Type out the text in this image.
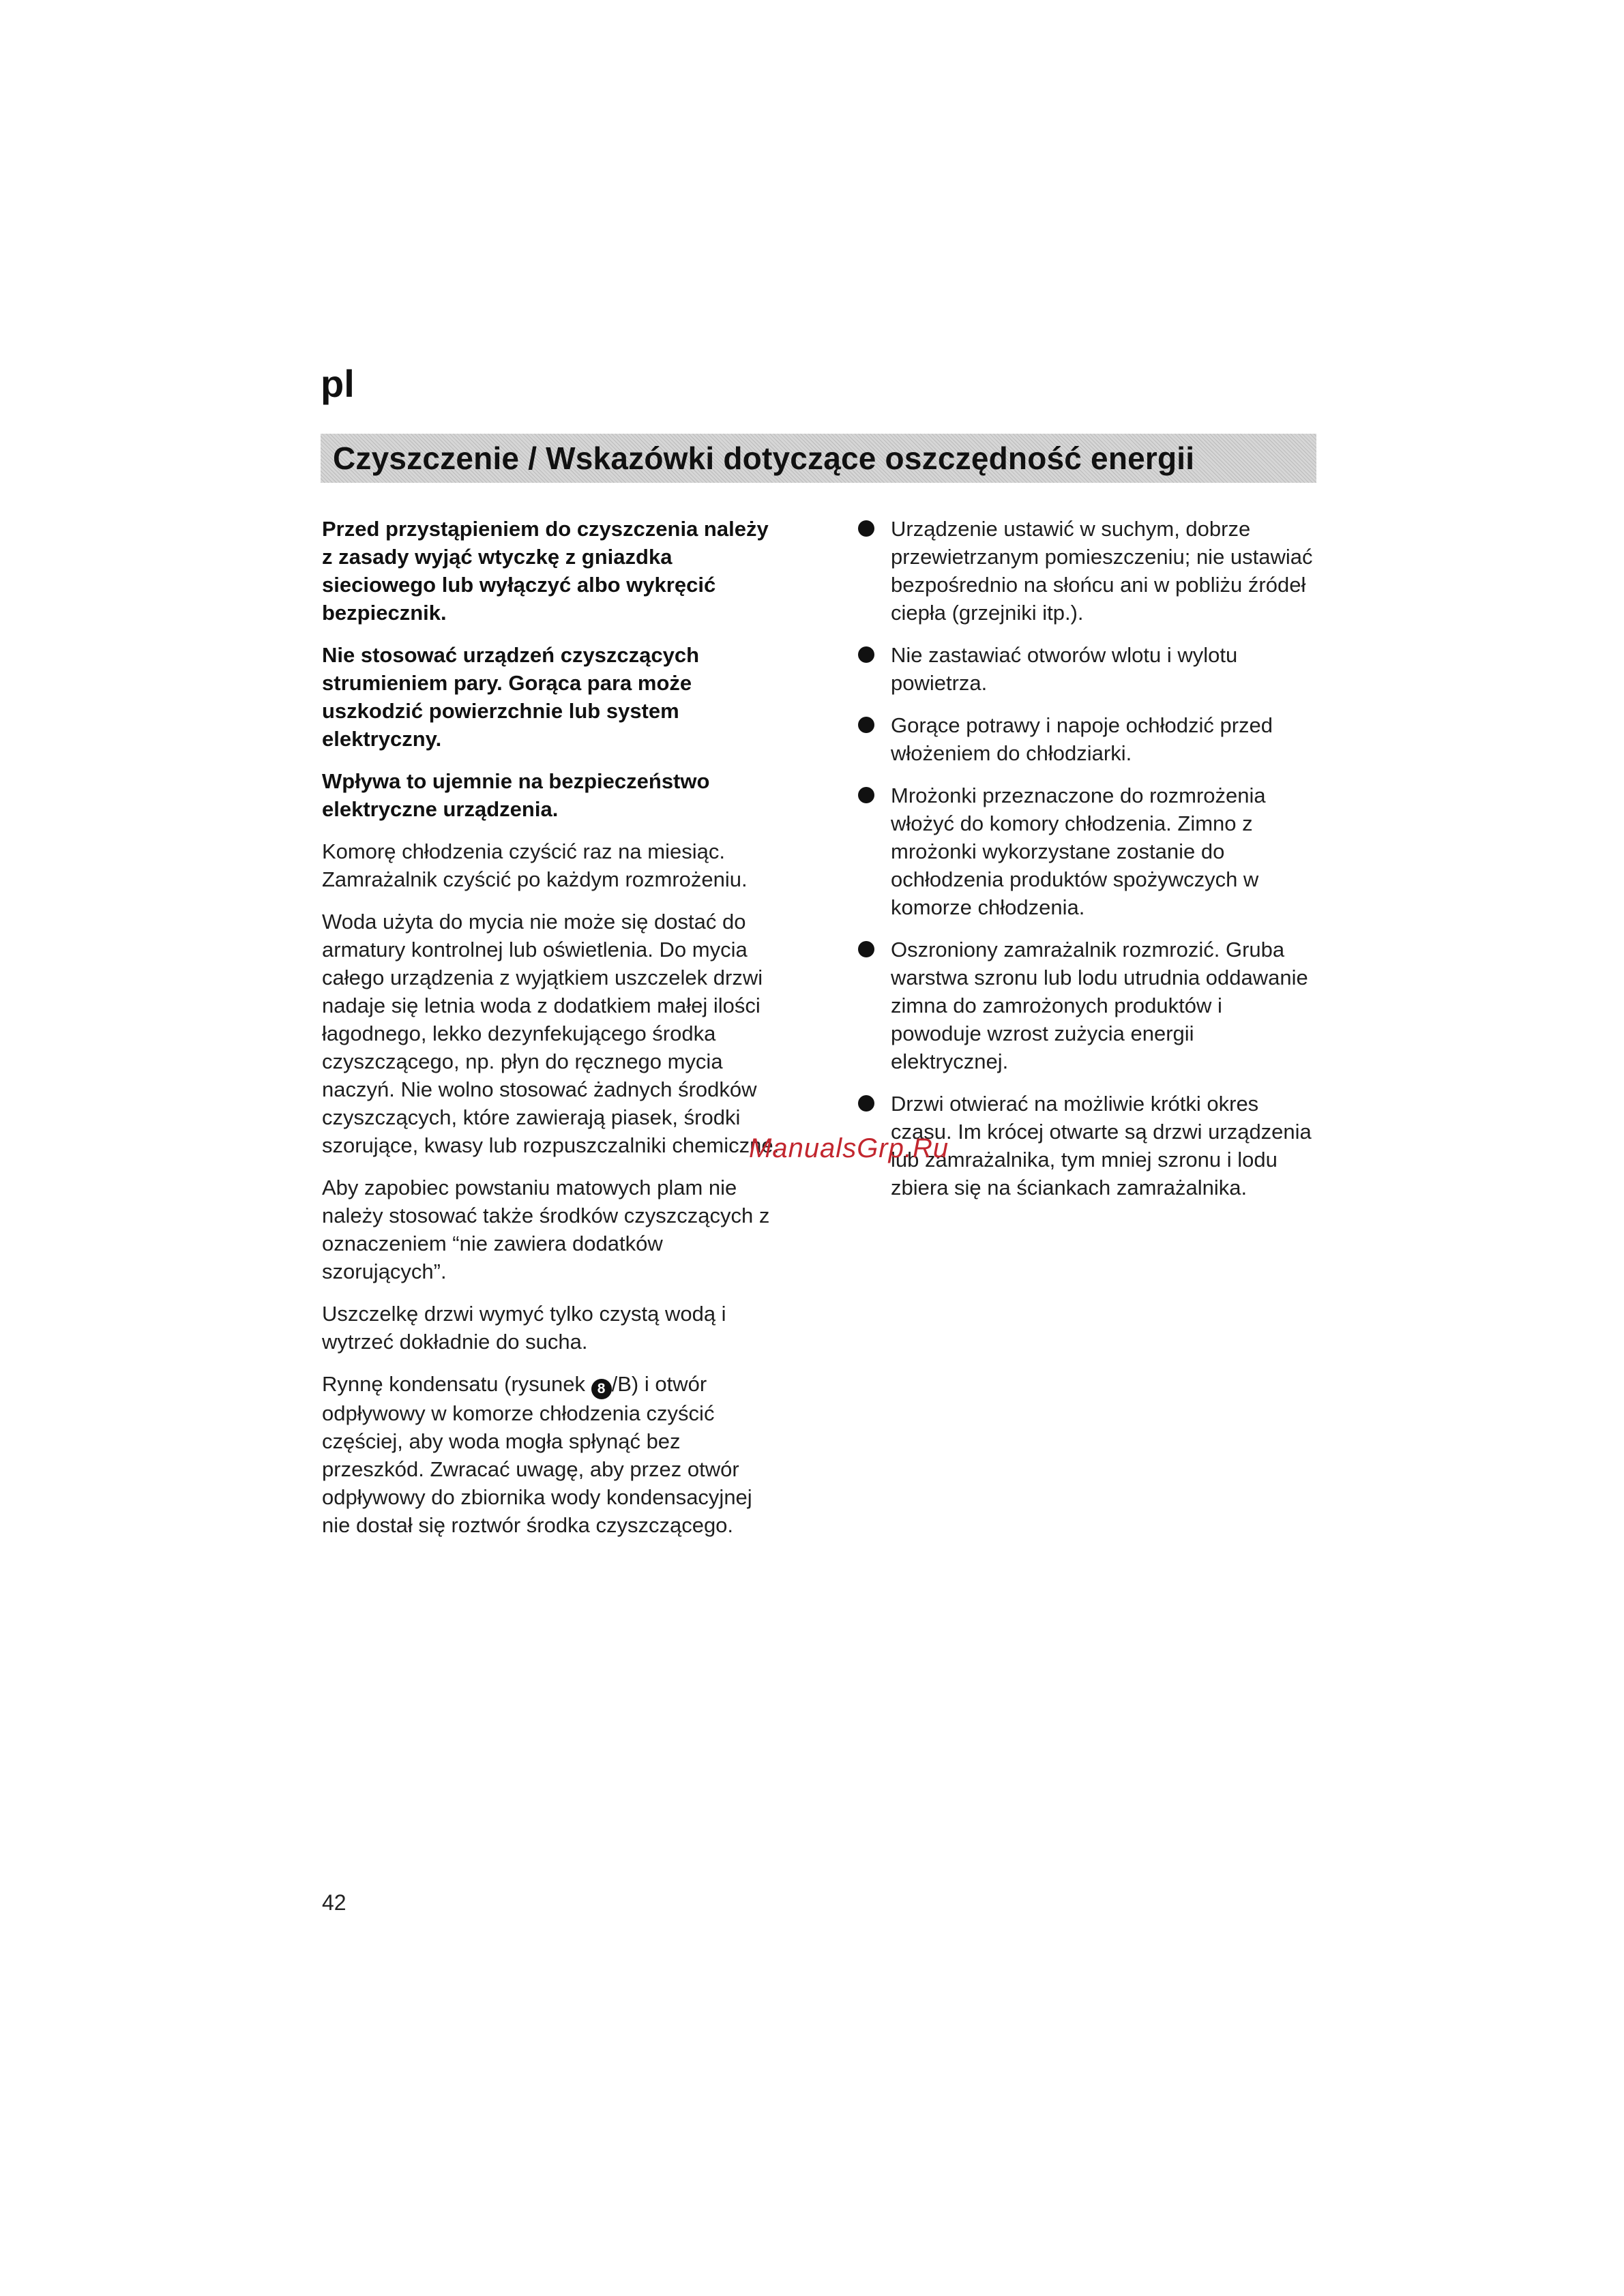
pl
Czyszczenie / Wskazówki dotyczące oszczędność energii

Przed przystąpieniem do czyszczenia należy
z zasady wyjąć wtyczkę z gniazdka
sieciowego lub wyłączyć albo wykręcić
bezpiecznik.

Nie stosować urządzeń czyszczących
strumieniem pary. Gorąca para może
uszkodzić powierzchnie lub system
elektryczny.

Wpływa to ujemnie na bezpieczeństwo
elektryczne urządzenia.

Komorę chłodzenia czyścić raz na miesiąc.
Zamrażalnik czyścić po każdym rozmrożeniu.

Woda użyta do mycia nie może się dostać do
armatury kontrolnej lub oświetlenia. Do mycia
całego urządzenia z wyjątkiem uszczelek drzwi
nadaje się letnia woda z dodatkiem małej ilości
łagodnego, lekko dezynfekującego środka
czyszczącego, np. płyn do ręcznego mycia
naczyń. Nie wolno stosować żadnych środków
czyszczących, które zawierają piasek, środki
szorujące, kwasy lub rozpuszczalniki chemiczne.

Aby zapobiec powstaniu matowych plam nie
należy stosować także środków czyszczących z
oznaczeniem “nie zawiera dodatków
szorujących”.

Uszczelkę drzwi wymyć tylko czystą wodą i
wytrzeć dokładnie do sucha.

Rynnę kondensatu (rysunek 8 /B) i otwór
odpływowy w komorze chłodzenia czyścić
częściej, aby woda mogła spłynąć bez
przeszkód. Zwracać uwagę, aby przez otwór
odpływowy do zbiornika wody kondensacyjnej
nie dostał się roztwór środka czyszczącego.

Urządzenie ustawić w suchym, dobrze
przewietrzanym pomieszczeniu; nie ustawiać
bezpośrednio na słońcu ani w pobliżu źródeł
ciepła (grzejniki itp.).
Nie zastawiać otworów wlotu i wylotu
powietrza.
Gorące potrawy i napoje ochłodzić przed
włożeniem do chłodziarki.
Mrożonki przeznaczone do rozmrożenia
włożyć do komory chłodzenia. Zimno z
mrożonki wykorzystane zostanie do
ochłodzenia produktów spożywczych w
komorze chłodzenia.
Oszroniony zamrażalnik rozmrozić. Gruba
warstwa szronu lub lodu utrudnia oddawanie
zimna do zamrożonych produktów i
powoduje wzrost zużycia energii
elektrycznej.
Drzwi otwierać na możliwie krótki okres
czasu. Im krócej otwarte są drzwi urządzenia
lub zamrażalnika, tym mniej szronu i lodu
zbiera się na ściankach zamrażalnika.
ManualsGrp.Ru
42
